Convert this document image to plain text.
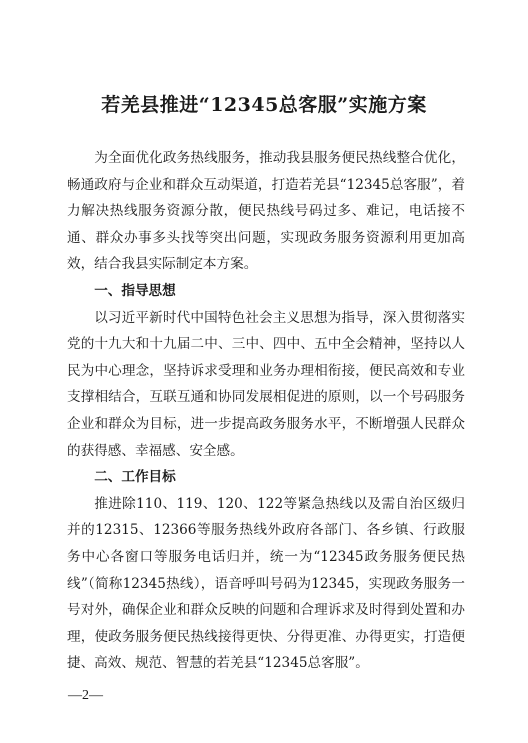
若羌县推进“12345总客服”实施方案

为全面优化政务热线服务，推动我县服务便民热线整合优化，畅通政府与企业和群众互动渠道，打造若羌县“12345总客服”，着力解决热线服务资源分散，便民热线号码过多、难记，电话接不通、群众办事多头找等突出问题，实现政务服务资源利用更加高效，结合我县实际制定本方案。

一、指导思想

以习近平新时代中国特色社会主义思想为指导，深入贯彻落实党的十九大和十九届二中、三中、四中、五中全会精神，坚持以人民为中心理念，坚持诉求受理和业务办理相衔接，便民高效和专业支撑相结合，互联互通和协同发展相促进的原则，以一个号码服务企业和群众为目标，进一步提高政务服务水平，不断增强人民群众的获得感、幸福感、安全感。

二、工作目标

推进除110、119、120、122等紧急热线以及需自治区级归并的12315、12366等服务热线外政府各部门、各乡镇、行政服务中心各窗口等服务电话归并，统一为“12345政务服务便民热线”（简称12345热线），语音呼叫号码为12345，实现政务服务一号对外，确保企业和群众反映的问题和合理诉求及时得到处置和办理，使政务服务便民热线接得更快、分得更准、办得更实，打造便捷、高效、规范、智慧的若羌县“12345总客服”。

—2—
